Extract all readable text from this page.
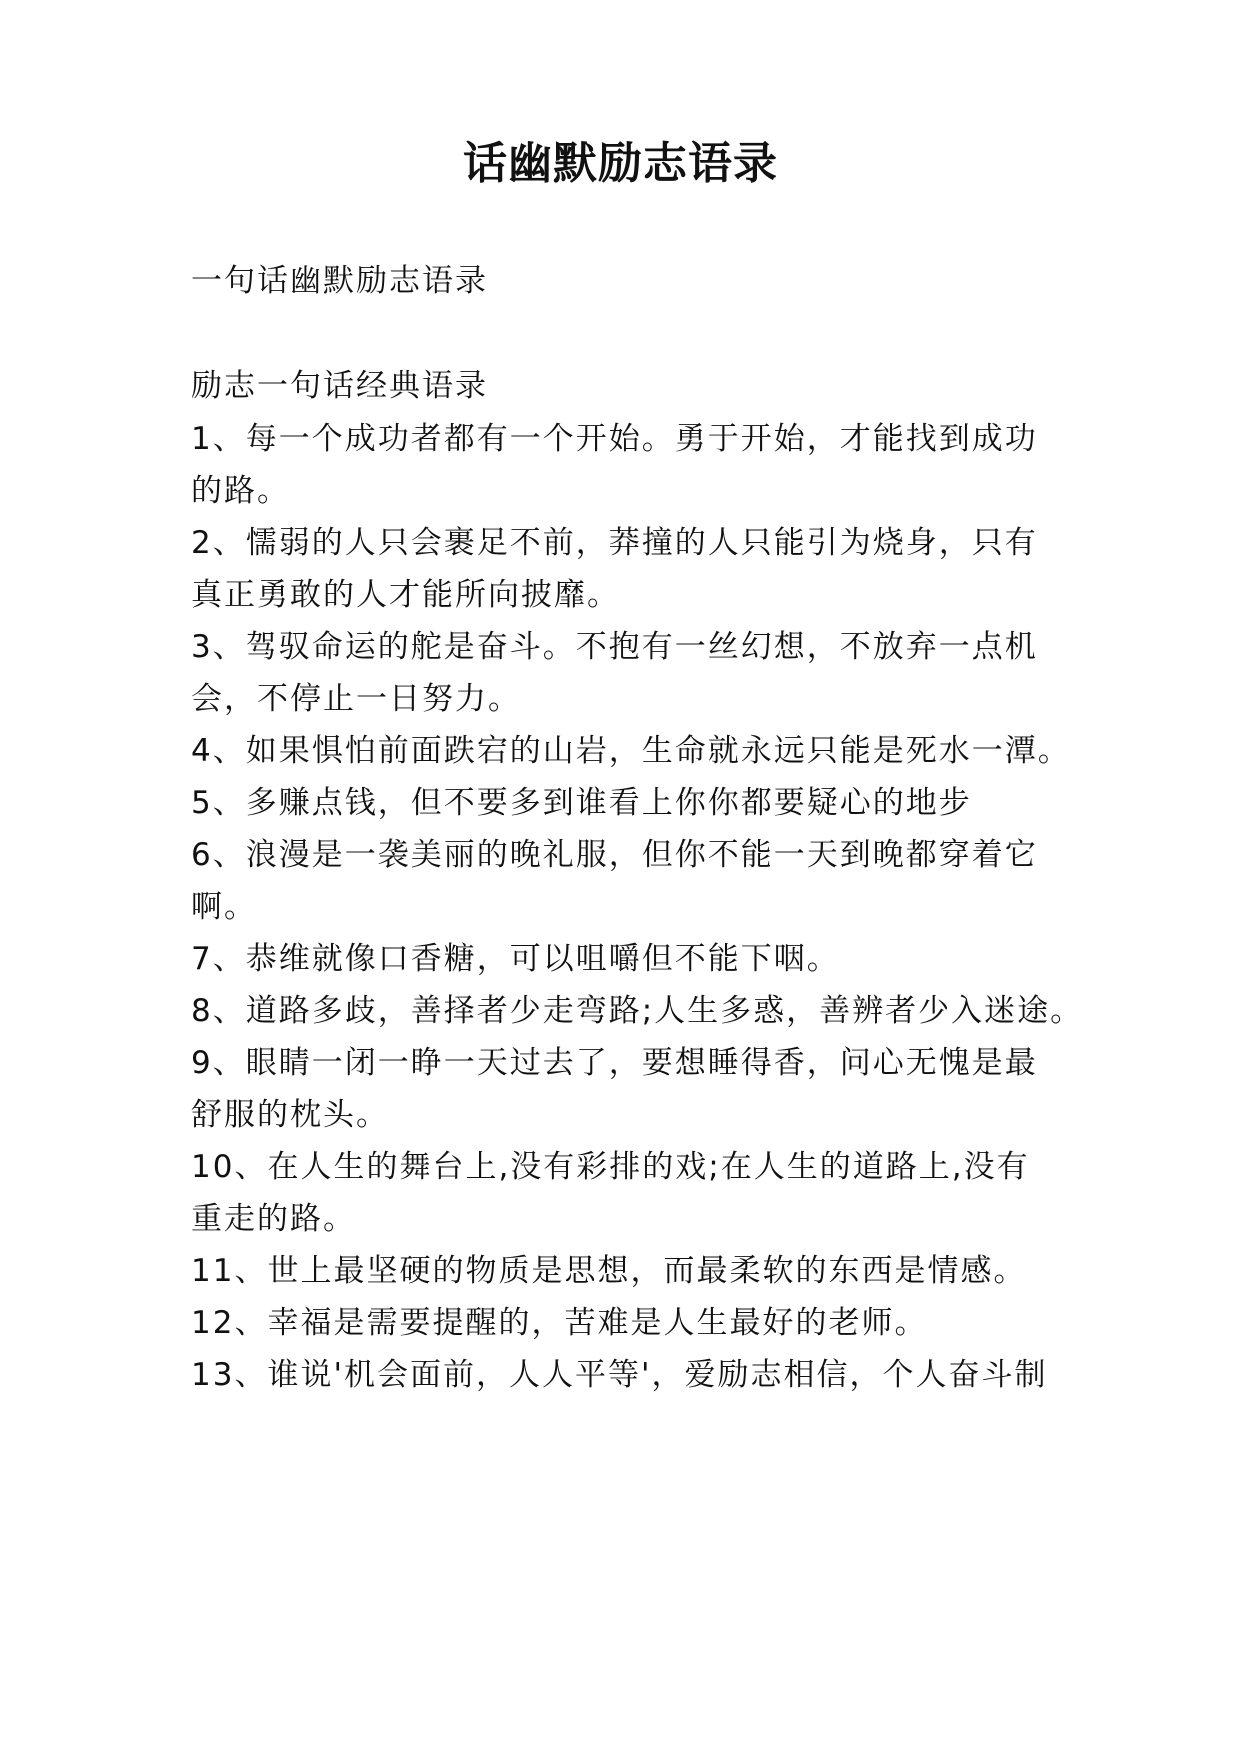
话幽默励志语录
一句话幽默励志语录
励志一句话经典语录
1、每一个成功者都有一个开始。勇于开始，才能找到成功
的路。
2、懦弱的人只会裹足不前，莽撞的人只能引为烧身，只有
真正勇敢的人才能所向披靡。
3、驾驭命运的舵是奋斗。不抱有一丝幻想，不放弃一点机
会，不停止一日努力。
4、如果惧怕前面跌宕的山岩，生命就永远只能是死水一潭。
5、多赚点钱，但不要多到谁看上你你都要疑心的地步
6、浪漫是一袭美丽的晚礼服，但你不能一天到晚都穿着它
啊。
7、恭维就像口香糖，可以咀嚼但不能下咽。
8、道路多歧，善择者少走弯路;人生多惑，善辨者少入迷途。
9、眼睛一闭一睁一天过去了，要想睡得香，问心无愧是最
舒服的枕头。
10、在人生的舞台上,没有彩排的戏;在人生的道路上,没有
重走的路。
11、世上最坚硬的物质是思想，而最柔软的东西是情感。
12、幸福是需要提醒的，苦难是人生最好的老师。
13、谁说'机会面前，人人平等'，爱励志相信，个人奋斗制
